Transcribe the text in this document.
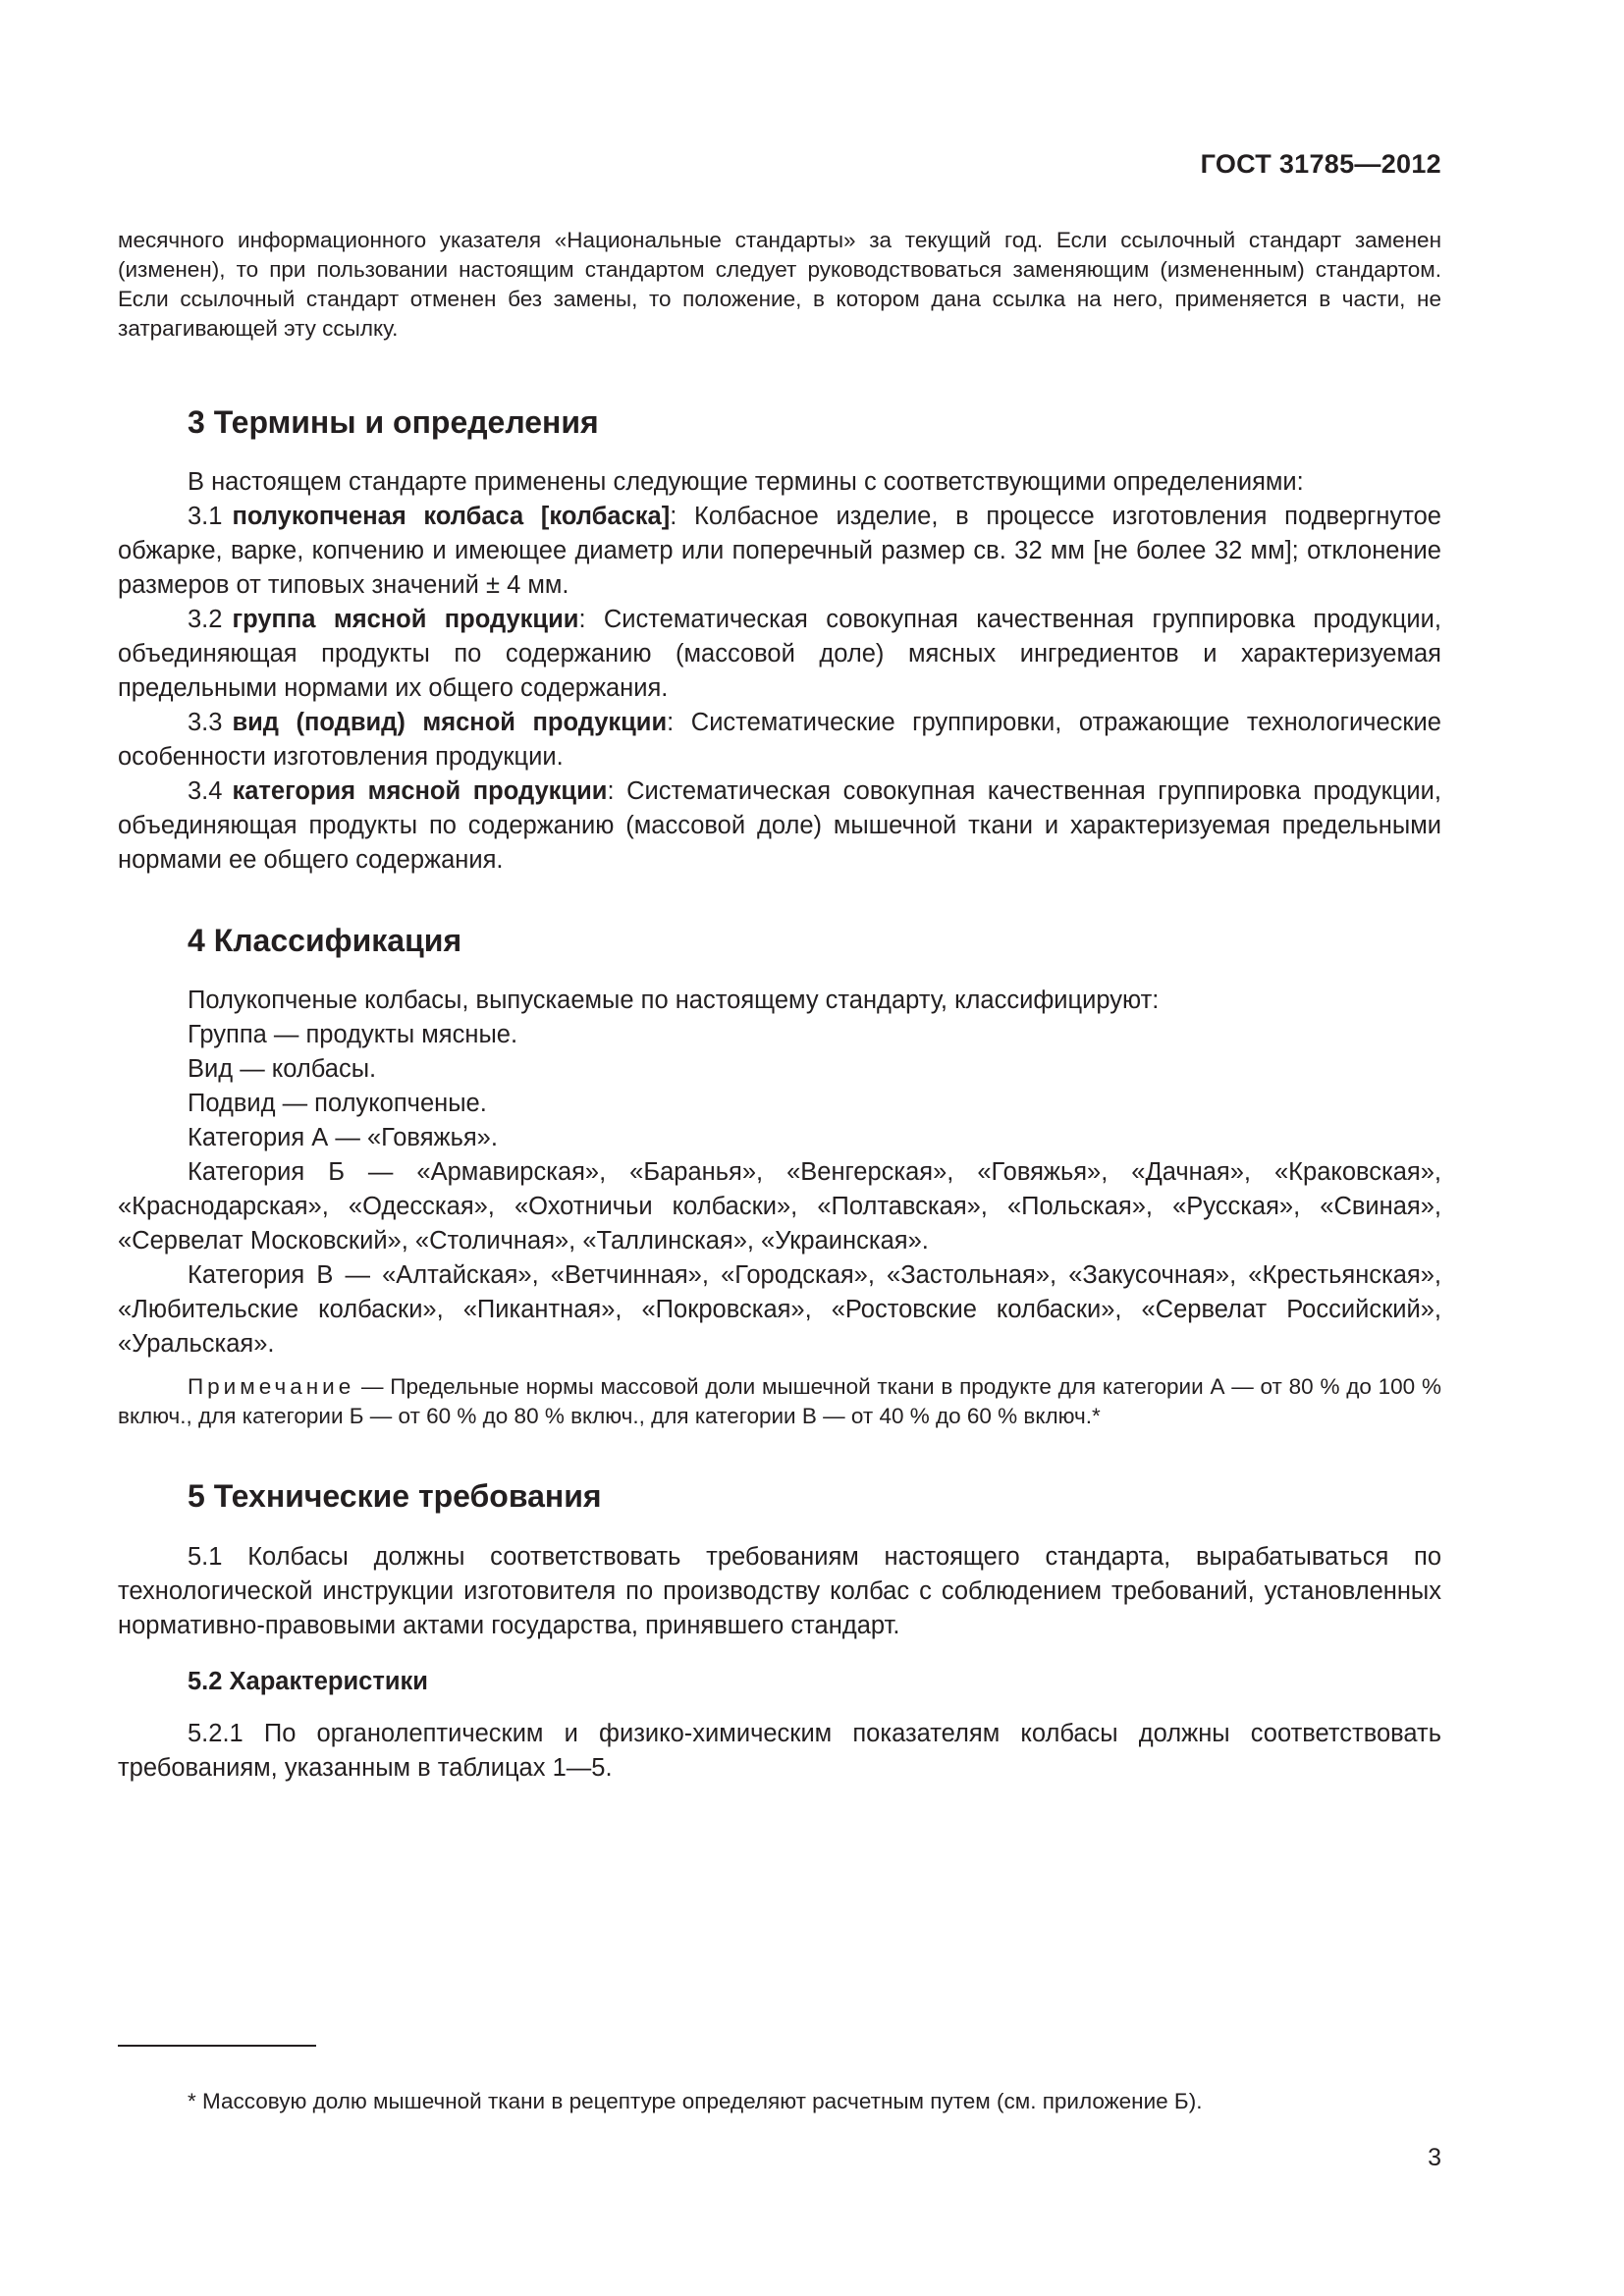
ГОСТ 31785—2012
месячного информационного указателя «Национальные стандарты» за текущий год. Если ссылочный стандарт заменен (изменен), то при пользовании настоящим стандартом следует руководствоваться заменяющим (измененным) стандартом. Если ссылочный стандарт отменен без замены, то положение, в котором дана ссылка на него, применяется в части, не затрагивающей эту ссылку.
3 Термины и определения

В настоящем стандарте применены следующие термины с соответствующими определениями:

3.1 полукопченая колбаса [колбаска]: Колбасное изделие, в процессе изготовления подвергнутое обжарке, варке, копчению и имеющее диаметр или поперечный размер св. 32 мм [не более 32 мм]; отклонение размеров от типовых значений ± 4 мм.

3.2 группа мясной продукции: Систематическая совокупная качественная группировка продукции, объединяющая продукты по содержанию (массовой доле) мясных ингредиентов и характеризуемая предельными нормами их общего содержания.

3.3 вид (подвид) мясной продукции: Систематические группировки, отражающие технологические особенности изготовления продукции.

3.4 категория мясной продукции: Систематическая совокупная качественная группировка продукции, объединяющая продукты по содержанию (массовой доле) мышечной ткани и характеризуемая предельными нормами ее общего содержания.

4 Классификация

Полукопченые колбасы, выпускаемые по настоящему стандарту, классифицируют:

Группа — продукты мясные.

Вид — колбасы.

Подвид — полукопченые.

Категория А — «Говяжья».

Категория Б — «Армавирская», «Баранья», «Венгерская», «Говяжья», «Дачная», «Краковская», «Краснодарская», «Одесская», «Охотничьи колбаски», «Полтавская», «Польская», «Русская», «Свиная», «Сервелат Московский», «Столичная», «Таллинская», «Украинская».

Категория В — «Алтайская», «Ветчинная», «Городская», «Застольная», «Закусочная», «Крестьянская», «Любительские колбаски», «Пикантная», «Покровская», «Ростовские колбаски», «Сервелат Российский», «Уральская».

Примечание — Предельные нормы массовой доли мышечной ткани в продукте для категории А — от 80 % до 100 % включ., для категории Б — от 60 % до 80 % включ., для категории В — от 40 % до 60 % включ.*
5 Технические требования

5.1 Колбасы должны соответствовать требованиям настоящего стандарта, вырабатываться по технологической инструкции изготовителя по производству колбас с соблюдением требований, установленных нормативно-правовыми актами государства, принявшего стандарт.

5.2 Характеристики

5.2.1 По органолептическим и физико-химическим показателям колбасы должны соответствовать требованиям, указанным в таблицах 1—5.

* Массовую долю мышечной ткани в рецептуре определяют расчетным путем (см. приложение Б).
3
